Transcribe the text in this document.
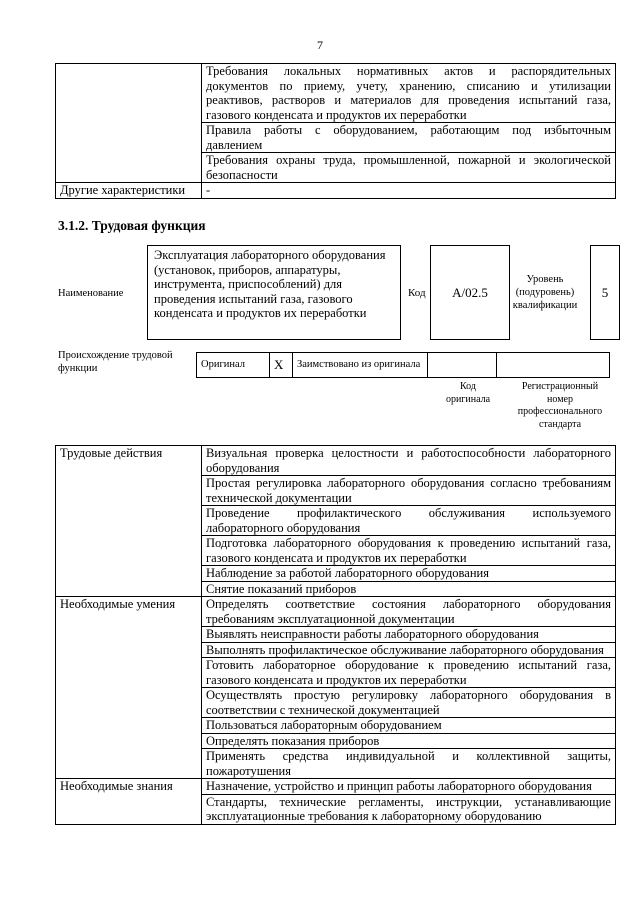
7
	Требования локальных нормативных актов и распорядительных документов по приему, учету, хранению, списанию и утилизации реактивов, растворов и материалов для проведения испытаний газа, газового конденсата и продуктов их переработки
	Правила работы с оборудованием, работающим под избыточным давлением
	Требования охраны труда, промышленной, пожарной и экологической безопасности
Другие характеристики	-
3.1.2. Трудовая функция
Наименование
Эксплуатация лабораторного оборудования (установок, приборов, аппаратуры, инструмента, приспособлений) для проведения испытаний газа, газового конденсата и продуктов их переработки
Код	А/02.5
Уровень (подуровень) квалификации
5
Происхождение трудовой функции	Оригинал	X	Заимствовано из оригинала		
Код оригинала
Регистрационный номер профессионального стандарта
Трудовые действия	Визуальная проверка целостности и работоспособности лабораторного оборудования
	Простая регулировка лабораторного оборудования согласно требованиям технической документации
	Проведение профилактического обслуживания используемого лабораторного оборудования
	Подготовка лабораторного оборудования к проведению испытаний газа, газового конденсата и продуктов их переработки
	Наблюдение за работой лабораторного оборудования
	Снятие показаний приборов
Необходимые умения	Определять соответствие состояния лабораторного оборудования требованиям эксплуатационной документации
	Выявлять неисправности работы лабораторного оборудования
	Выполнять профилактическое обслуживание лабораторного оборудования
	Готовить лабораторное оборудование к проведению испытаний газа, газового конденсата и продуктов их переработки
	Осуществлять простую регулировку лабораторного оборудования в соответствии с технической документацией
	Пользоваться лабораторным оборудованием
	Определять показания приборов
	Применять средства индивидуальной и коллективной защиты, пожаротушения
Необходимые знания	Назначение, устройство и принцип работы лабораторного оборудования
	Стандарты, технические регламенты, инструкции, устанавливающие эксплуатационные требования к лабораторному оборудованию
